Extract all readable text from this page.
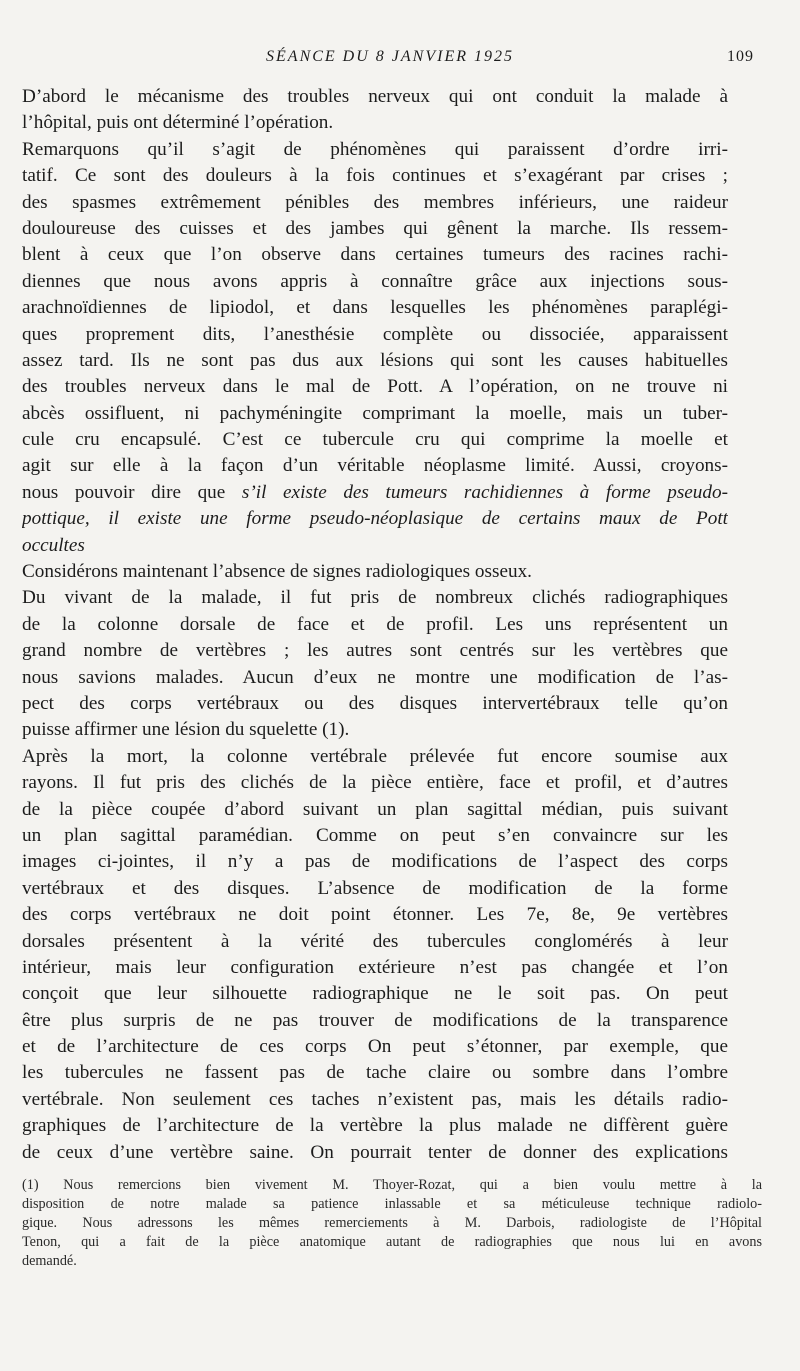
SÉANCE DU 8 JANVIER 1925	109
D’abord le mécanisme des troubles nerveux qui ont conduit la malade à
l’hôpital, puis ont déterminé l’opération.
Remarquons qu’il s’agit de phénomènes qui paraissent d’ordre irri-
tatif. Ce sont des douleurs à la fois continues et s’exagérant par crises ;
des spasmes extrêmement pénibles des membres inférieurs, une raideur
douloureuse des cuisses et des jambes qui gênent la marche. Ils ressem-
blent à ceux que l’on observe dans certaines tumeurs des racines rachi-
diennes que nous avons appris à connaître grâce aux injections sous-
arachnoïdiennes de lipiodol, et dans lesquelles les phénomènes paraplégi-
ques proprement dits, l’anesthésie complète ou dissociée, apparaissent
assez tard. Ils ne sont pas dus aux lésions qui sont les causes habituelles
des troubles nerveux dans le mal de Pott. A l’opération, on ne trouve ni
abcès ossifluent, ni pachyméningite comprimant la moelle, mais un tuber-
cule cru encapsulé. C’est ce tubercule cru qui comprime la moelle et
agit sur elle à la façon d’un véritable néoplasme limité. Aussi, croyons-
nous pouvoir dire que s’il existe des tumeurs rachidiennes à forme pseudo-
pottique, il existe une forme pseudo-néoplasique de certains maux de Pott
occultes
Considérons maintenant l’absence de signes radiologiques osseux.
Du vivant de la malade, il fut pris de nombreux clichés radiographiques
de la colonne dorsale de face et de profil. Les uns représentent un
grand nombre de vertèbres ; les autres sont centrés sur les vertèbres que
nous savions malades. Aucun d’eux ne montre une modification de l’as-
pect des corps vertébraux ou des disques intervertébraux telle qu’on
puisse affirmer une lésion du squelette (1).
Après la mort, la colonne vertébrale prélevée fut encore soumise aux
rayons. Il fut pris des clichés de la pièce entière, face et profil, et d’autres
de la pièce coupée d’abord suivant un plan sagittal médian, puis suivant
un plan sagittal paramédian. Comme on peut s’en convaincre sur les
images ci-jointes, il n’y a pas de modifications de l’aspect des corps
vertébraux et des disques. L’absence de modification de la forme
des corps vertébraux ne doit point étonner. Les 7e, 8e, 9e vertèbres
dorsales présentent à la vérité des tubercules conglomérés à leur
intérieur, mais leur configuration extérieure n’est pas changée et l’on
conçoit que leur silhouette radiographique ne le soit pas. On peut
être plus surpris de ne pas trouver de modifications de la transparence
et de l’architecture de ces corps On peut s’étonner, par exemple, que
les tubercules ne fassent pas de tache claire ou sombre dans l’ombre
vertébrale. Non seulement ces taches n’existent pas, mais les détails radio-
graphiques de l’architecture de la vertèbre la plus malade ne diffèrent guère
de ceux d’une vertèbre saine. On pourrait tenter de donner des explications
(1) Nous remercions bien vivement M. Thoyer-Rozat, qui a bien voulu mettre à la
disposition de notre malade sa patience inlassable et sa méticuleuse technique radiolo-
gique. Nous adressons les mêmes remerciements à M. Darbois, radiologiste de l’Hôpital
Tenon, qui a fait de la pièce anatomique autant de radiographies que nous lui en avons
demandé.
